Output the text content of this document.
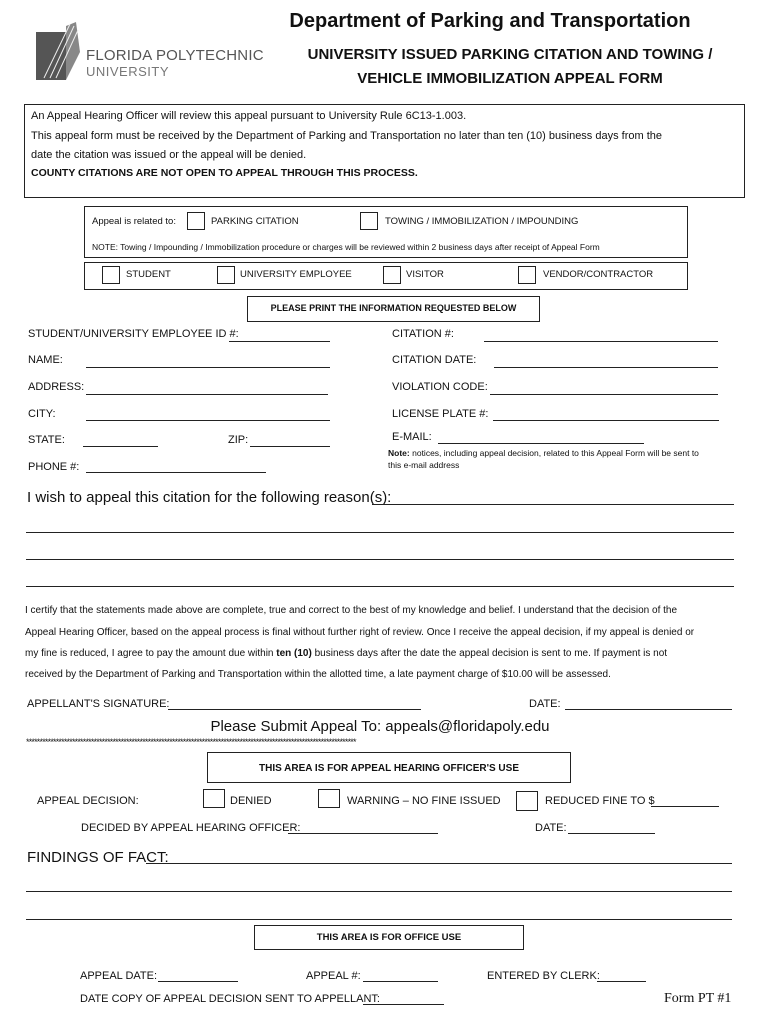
FLORIDA POLYTECHNIC
UNIVERSITY
Department of Parking and Transportation
UNIVERSITY ISSUED PARKING CITATION AND TOWING /
VEHICLE IMMOBILIZATION APPEAL FORM
An Appeal Hearing Officer will review this appeal pursuant to University Rule 6C13-1.003.
This appeal form must be received by the Department of Parking and Transportation no later than ten (10) business days from the
date the citation was issued or the appeal will be denied.
COUNTY CITATIONS ARE NOT OPEN TO APPEAL THROUGH THIS PROCESS.
Appeal is related to:	PARKING CITATION	TOWING / IMMOBILIZATION / IMPOUNDING
NOTE: Towing / Impounding / Immobilization procedure or charges will be reviewed within 2 business days after receipt of Appeal Form
STUDENT	UNIVERSITY EMPLOYEE	VISITOR	VENDOR/CONTRACTOR
PLEASE PRINT THE INFORMATION REQUESTED BELOW
STUDENT/UNIVERSITY EMPLOYEE ID #:	CITATION #:
NAME:	CITATION DATE:
ADDRESS:	VIOLATION CODE:
CITY:	LICENSE PLATE #:
STATE:	ZIP:	E-MAIL:
Note: notices, including appeal decision, related to this Appeal Form will be sent to
this e-mail address
PHONE #:
I wish to appeal this citation for the following reason(s):
I certify that the statements made above are complete, true and correct to the best of my knowledge and belief. I understand that the decision of the
Appeal Hearing Officer, based on the appeal process is final without further right of review. Once I receive the appeal decision, if my appeal is denied or
my fine is reduced, I agree to pay the amount due within ten (10) business days after the date the appeal decision is sent to me. If payment is not
received by the Department of Parking and Transportation within the allotted time, a late payment charge of $10.00 will be assessed.
APPELLANT'S SIGNATURE:	DATE:
Please Submit Appeal To: appeals@floridapoly.edu
**************************************************************************************************************************
THIS AREA IS FOR APPEAL HEARING OFFICER'S USE
APPEAL DECISION:	DENIED	WARNING – NO FINE ISSUED	REDUCED FINE TO $
DECIDED BY APPEAL HEARING OFFICER:	DATE:
FINDINGS OF FACT:
THIS AREA IS FOR OFFICE USE
APPEAL DATE:	APPEAL #:	ENTERED BY CLERK:
DATE COPY OF APPEAL DECISION SENT TO APPELLANT:	Form PT #1
